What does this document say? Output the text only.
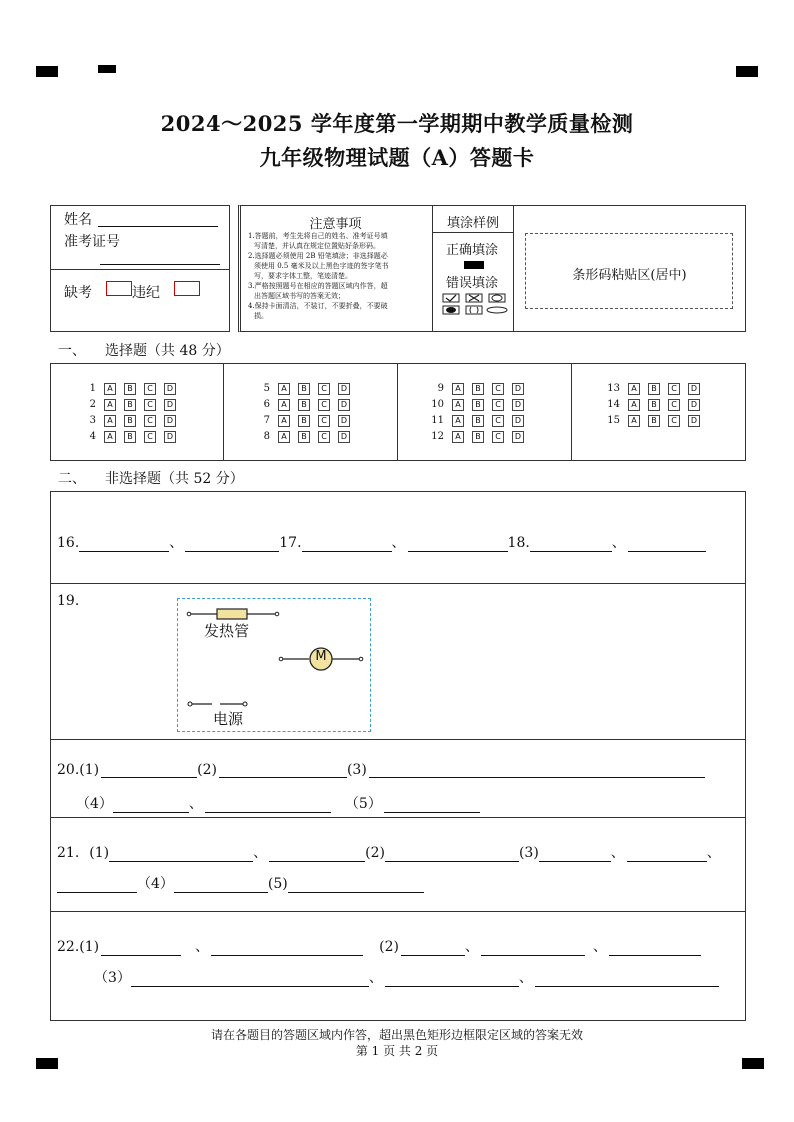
2024～2025 学年度第一学期期中教学质量检测
九年级物理试题（A）答题卡
姓名
准考证号
缺考	违纪
注意事项
1.答题前，考生先将自己的姓名、准考证号填
写清楚，并认真在规定位置贴好条形码。
2.选择题必须使用 2B 铅笔填涂；非选择题必
须使用 0.5 毫米及以上黑色字迹的签字笔书
写，要求字体工整，笔迹清楚。
3.严格按照题号在相应的答题区域内作答，超
出答题区域书写的答案无效；
4.保持卡面清洁，不装订，不要折叠，不要破
损。
填涂样例
正确填涂
错误填涂
条形码粘贴区(居中)
一、 选择题（共 48 分）
1 A B C D
2 A B C D
3 A B C D
4 A B C D
5 A B C D
6 A B C D
7 A B C D
8 A B C D
9 A B C D
10 A B C D
11 A B C D
12 A B C D
13 A B C D
14 A B C D
15 A B C D
二、 非选择题（共 52 分）
16.	、	17.	、	18.	、
19.
发热管
M
电源
20.(1)	(2)	(3)
（4）	、	（5）
21. (1)	、	(2)	(3)	、	、
（4）	(5)
22.(1)	、	(2)	、	、
（3）	、	、
请在各题目的答题区域内作答，超出黑色矩形边框限定区域的答案无效
第 1 页 共 2 页
